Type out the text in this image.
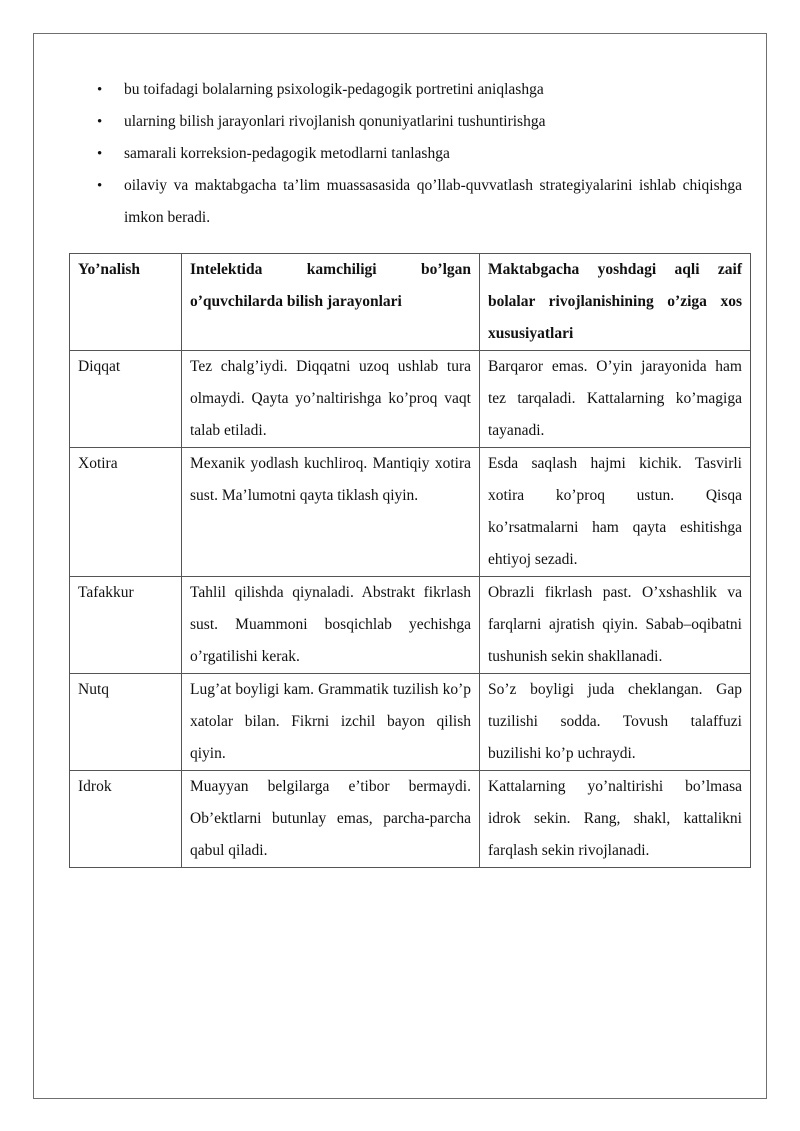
• bu toifadagi bolalarning psixologik-pedagogik portretini aniqlashga
• ularning bilish jarayonlari rivojlanish qonuniyatlarini tushuntirishga
• samarali korreksion-pedagogik metodlarni tanlashga
• oilaviy va maktabgacha ta’lim muassasasida qo’llab-quvvatlash strategiyalarini ishlab chiqishga imkon beradi.
Yo’nalish	Intelektida kamchiligi bo’lgan o’quvchilarda bilish jarayonlari	Maktabgacha yoshdagi aqli zaif bolalar rivojlanishining o’ziga xos xususiyatlari
Diqqat	Tez chalg’iydi. Diqqatni uzoq ushlab tura olmaydi. Qayta yo’naltirishga ko’proq vaqt talab etiladi.	Barqaror emas. O’yin jarayonida ham tez tarqaladi. Kattalarning ko’magiga tayanadi.
Xotira	Mexanik yodlash kuchliroq. Mantiqiy xotira sust. Ma’lumotni qayta tiklash qiyin.	Esda saqlash hajmi kichik. Tasvirli xotira ko’proq ustun. Qisqa ko’rsatmalarni ham qayta eshitishga ehtiyoj sezadi.
Tafakkur	Tahlil qilishda qiynaladi. Abstrakt fikrlash sust. Muammoni bosqichlab yechishga o’rgatilishi kerak.	Obrazli fikrlash past. O’xshashlik va farqlarni ajratish qiyin. Sabab–oqibatni tushunish sekin shakllanadi.
Nutq	Lug’at boyligi kam. Grammatik tuzilish ko’p xatolar bilan. Fikrni izchil bayon qilish qiyin.	So’z boyligi juda cheklangan. Gap tuzilishi sodda. Tovush talaffuzi buzilishi ko’p uchraydi.
Idrok	Muayyan belgilarga e’tibor bermaydi. Ob’ektlarni butunlay emas, parcha-parcha qabul qiladi.	Kattalarning yo’naltirishi bo’lmasa idrok sekin. Rang, shakl, kattalikni farqlash sekin rivojlanadi.
